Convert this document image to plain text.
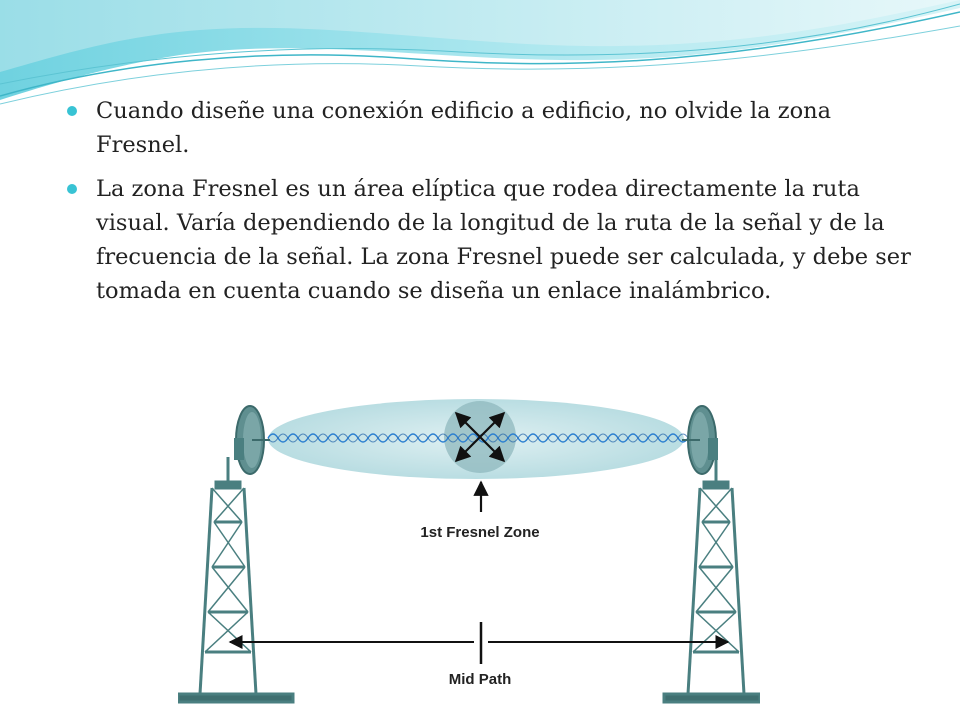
Cuando diseñe una conexión edificio a edificio, no olvide la zona Fresnel.
La zona Fresnel es un área elíptica que rodea directamente la ruta visual. Varía dependiendo de la longitud de la ruta de la señal y de la frecuencia de la señal. La zona Fresnel puede ser calculada, y debe ser tomada en cuenta cuando se diseña un enlace inalámbrico.
1st Fresnel Zone
Mid Path
